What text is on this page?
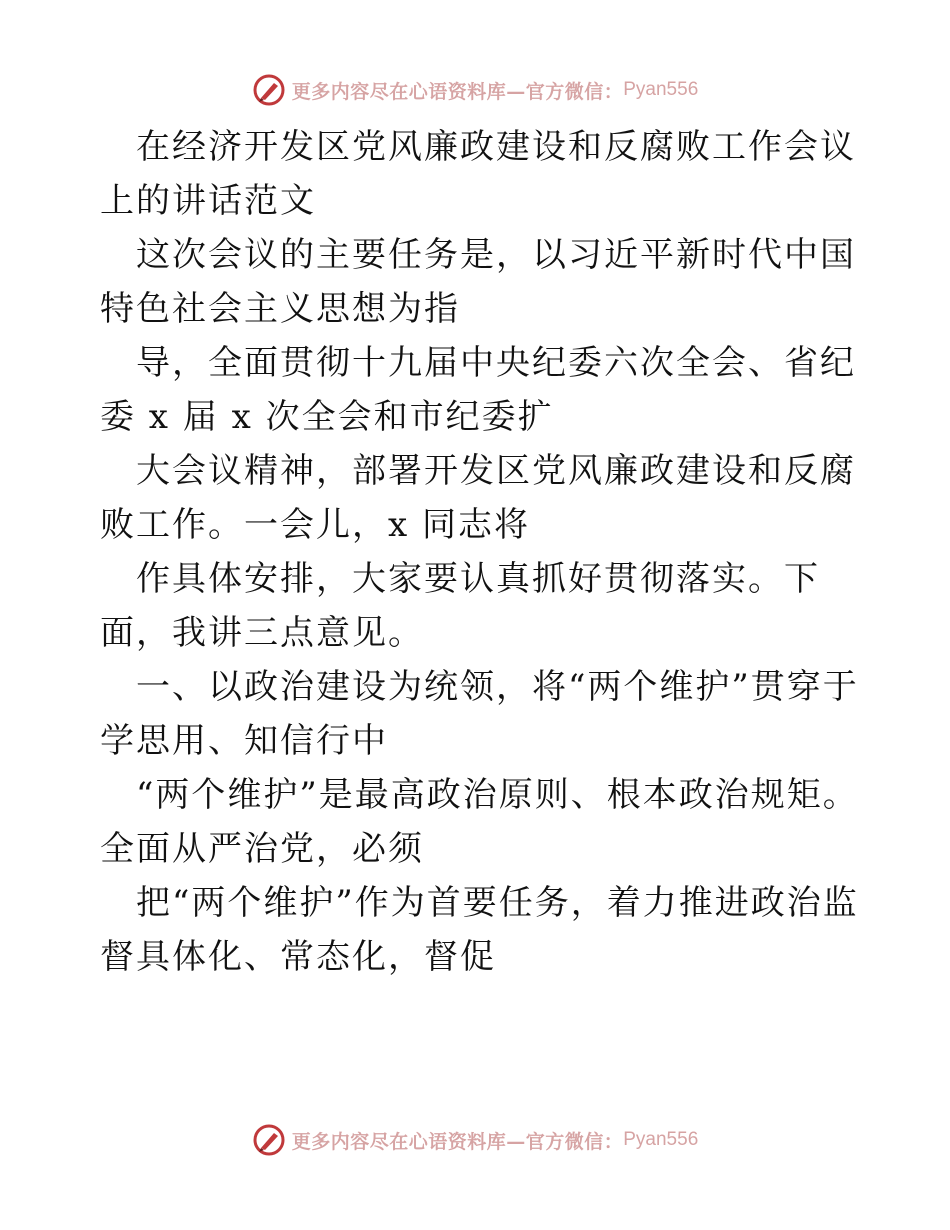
更多内容尽在心语资料库—官方微信： Pyan556

在经济开发区党风廉政建设和反腐败工作会议上的讲话范文

这次会议的主要任务是，以习近平新时代中国特色社会主义思想为指

导，全面贯彻十九届中央纪委六次全会、省纪委 x 届 x 次全会和市纪委扩

大会议精神，部署开发区党风廉政建设和反腐败工作。一会儿，x 同志将

作具体安排，大家要认真抓好贯彻落实。下面，我讲三点意见。

一、以政治建设为统领，将“两个维护”贯穿于学思用、知信行中

“两个维护”是最高政治原则、根本政治规矩。全面从严治党，必须

把“两个维护”作为首要任务，着力推进政治监督具体化、常态化，督促

更多内容尽在心语资料库—官方微信： Pyan556
